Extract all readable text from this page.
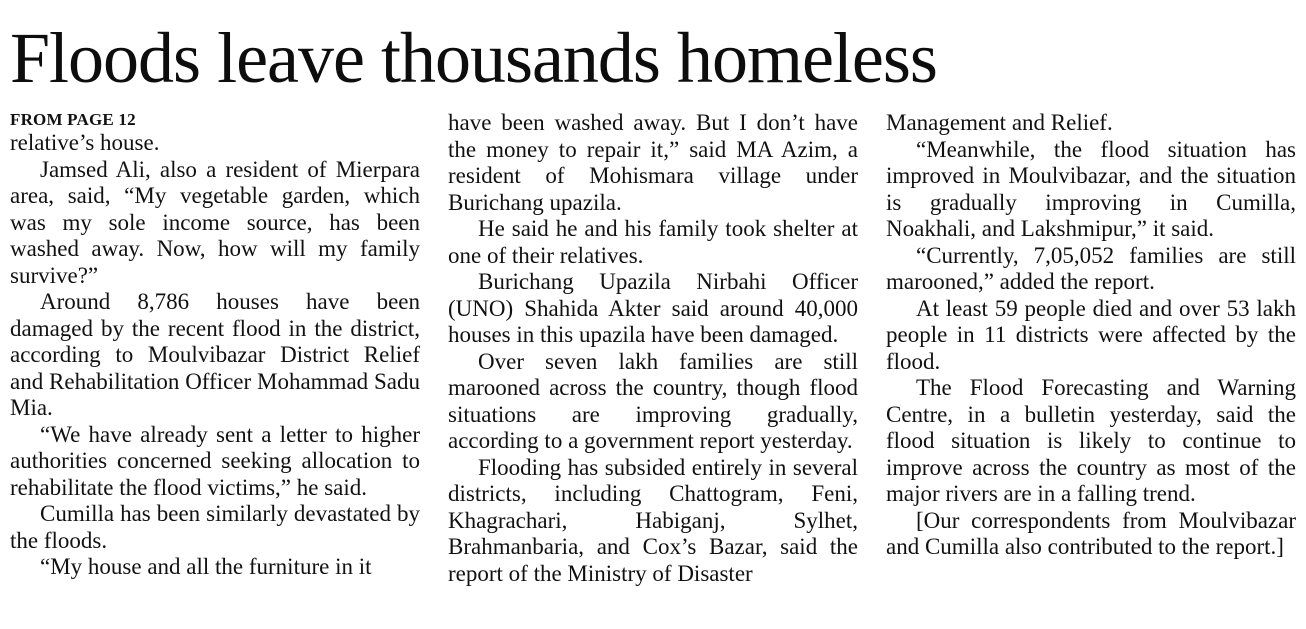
Floods leave thousands homeless
FROM PAGE 12

relative’s house.

Jamsed Ali, also a resident of Mierpara area, said, “My vegetable garden, which was my sole income source, has been washed away. Now, how will my family survive?”

Around 8,786 houses have been damaged by the recent flood in the district, according to Moulvibazar District Relief and Rehabilitation Officer Mohammad Sadu Mia.

“We have already sent a letter to higher authorities concerned seeking allocation to rehabilitate the flood victims,” he said.

Cumilla has been similarly devastated by the floods.

“My house and all the furniture in it

have been washed away. But I don’t have the money to repair it,” said MA Azim, a resident of Mohismara village under Burichang upazila.

He said he and his family took shelter at one of their relatives.

Burichang Upazila Nirbahi Officer (UNO) Shahida Akter said around 40,000 houses in this upazila have been damaged.

Over seven lakh families are still marooned across the country, though flood situations are improving gradually, according to a government report yesterday.

Flooding has subsided entirely in several districts, including Chattogram, Feni, Khagrachari, Habiganj, Sylhet, Brahmanbaria, and Cox’s Bazar, said the report of the Ministry of Disaster

Management and Relief.

“Meanwhile, the flood situation has improved in Moulvibazar, and the situation is gradually improving in Cumilla, Noakhali, and Lakshmipur,” it said.

“Currently, 7,05,052 families are still marooned,” added the report.

At least 59 people died and over 53 lakh people in 11 districts were affected by the flood.

The Flood Forecasting and Warning Centre, in a bulletin yesterday, said the flood situation is likely to continue to improve across the country as most of the major rivers are in a falling trend.

[Our correspondents from Moulvibazar and Cumilla also contributed to the report.]
